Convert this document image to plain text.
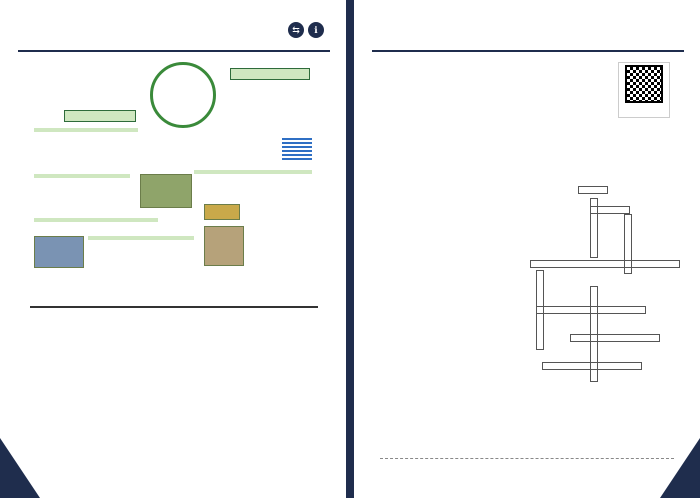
⇆	ℹ
